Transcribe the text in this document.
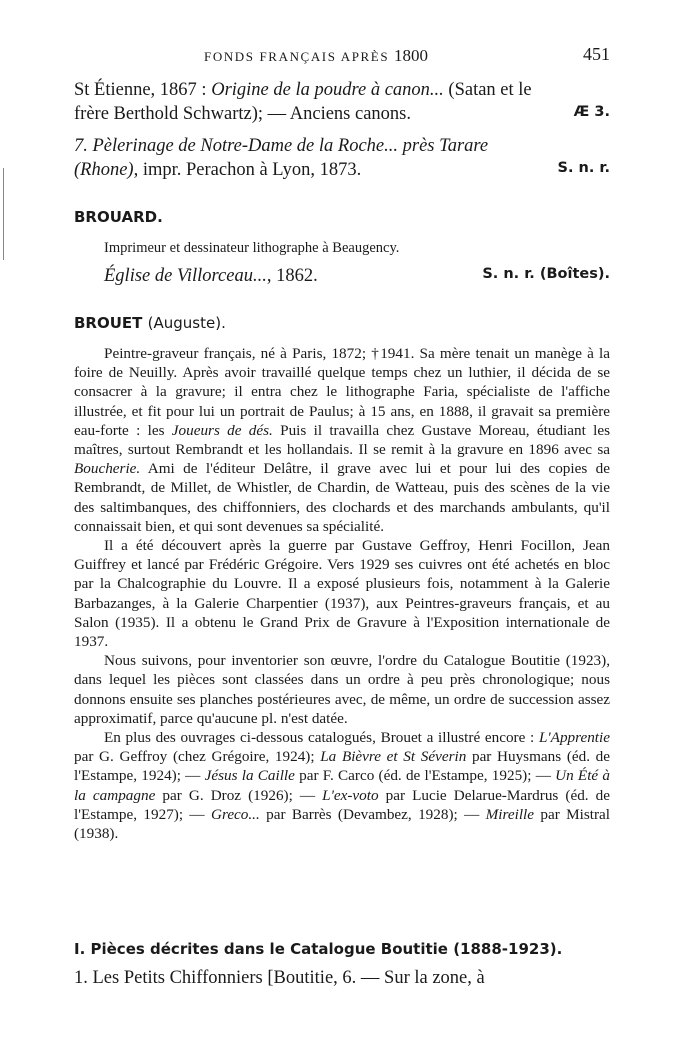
FONDS FRANÇAIS APRÈS 1800	451
St Étienne, 1867 : Origine de la poudre à canon... (Satan et le
frère Berthold Schwartz); — Anciens canons.	Æ 3.
7. Pèlerinage de Notre-Dame de la Roche... près Tarare
(Rhone), impr. Perachon à Lyon, 1873.	S. n. r.
BROUARD.
Imprimeur et dessinateur lithographe à Beaugency.
Église de Villorceau..., 1862.	S. n. r. (Boîtes).
BROUET (Auguste).

Peintre-graveur français, né à Paris, 1872; †1941. Sa mère tenait un manège à la foire de Neuilly. Après avoir travaillé quelque temps chez un luthier, il décida de se consacrer à la gravure; il entra chez le lithographe Faria, spécialiste de l'affiche illustrée, et fit pour lui un portrait de Paulus; à 15 ans, en 1888, il gravait sa première eau-forte : les Joueurs de dés. Puis il travailla chez Gustave Moreau, étudiant les maîtres, surtout Rembrandt et les hollandais. Il se remit à la gravure en 1896 avec sa Boucherie. Ami de l'éditeur Delâtre, il grave avec lui et pour lui des copies de Rembrandt, de Millet, de Whistler, de Chardin, de Watteau, puis des scènes de la vie des saltimbanques, des chiffonniers, des clochards et des marchands ambulants, qu'il connaissait bien, et qui sont devenues sa spécialité.

Il a été découvert après la guerre par Gustave Geffroy, Henri Focillon, Jean Guiffrey et lancé par Frédéric Grégoire. Vers 1929 ses cuivres ont été achetés en bloc par la Chalcographie du Louvre. Il a exposé plusieurs fois, notamment à la Galerie Barbazanges, à la Galerie Charpentier (1937), aux Peintres-graveurs français, et au Salon (1935). Il a obtenu le Grand Prix de Gravure à l'Exposition internationale de 1937.

Nous suivons, pour inventorier son œuvre, l'ordre du Catalogue Boutitie (1923), dans lequel les pièces sont classées dans un ordre à peu près chronologique; nous donnons ensuite ses planches postérieures avec, de même, un ordre de succession assez approximatif, parce qu'aucune pl. n'est datée.

En plus des ouvrages ci-dessous catalogués, Brouet a illustré encore : L'Apprentie par G. Geffroy (chez Grégoire, 1924); La Bièvre et St Séverin par Huysmans (éd. de l'Estampe, 1924); — Jésus la Caille par F. Carco (éd. de l'Estampe, 1925); — Un Été à la campagne par G. Droz (1926); — L'ex-voto par Lucie Delarue-Mardrus (éd. de l'Estampe, 1927); — Greco... par Barrès (Devambez, 1928); — Mireille par Mistral (1938).

I. Pièces décrites dans le Catalogue Boutitie (1888-1923).
1. Les Petits Chiffonniers [Boutitie, 6. — Sur la zone, à
